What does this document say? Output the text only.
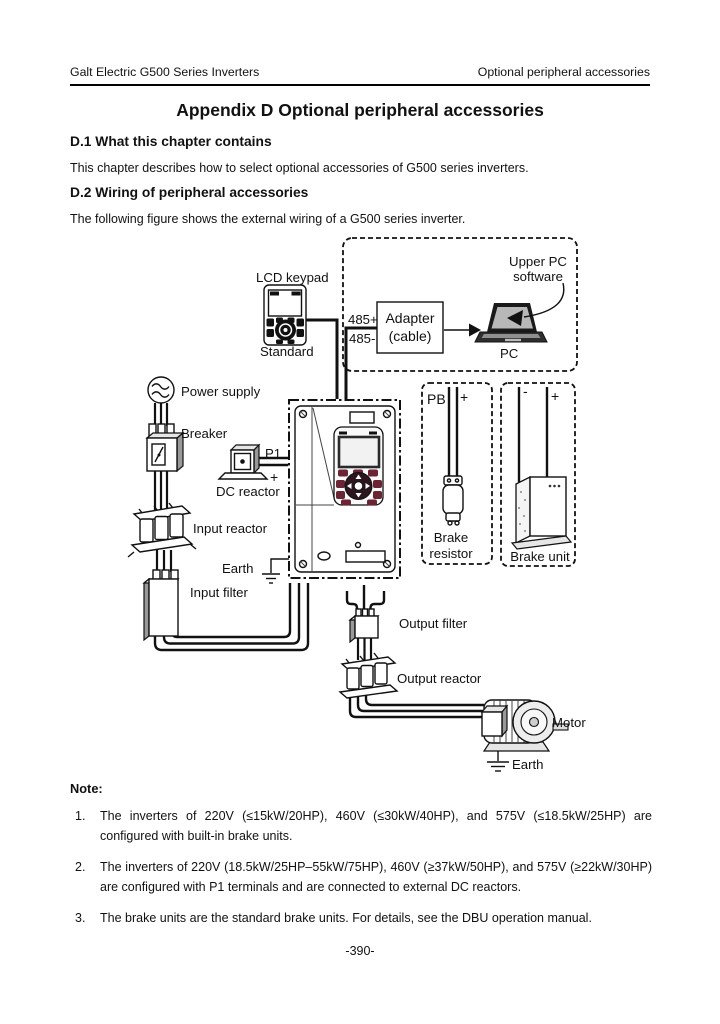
Galt Electric G500 Series Inverters	Optional peripheral accessories
Appendix D Optional peripheral accessories
D.1 What this chapter contains
This chapter describes how to select optional accessories of G500 series inverters.
D.2 Wiring of peripheral accessories
The following figure shows the external wiring of a G500 series inverter.
LCD keypad
Standard
Upper PC
software
485+
485-
Adapter
(cable)
PC
Power supply
Breaker
P1
+
DC reactor
Input reactor
Earth
Input filter
PB +	- +
Brake
resistor	Brake unit
Output filter
Output reactor
Motor
Earth
Note:
1.	The inverters of 220V (≤15kW/20HP), 460V (≤30kW/40HP), and 575V (≤18.5kW/25HP) are configured with built-in brake units.
2.	The inverters of 220V (18.5kW/25HP–55kW/75HP), 460V (≥37kW/50HP), and 575V (≥22kW/30HP) are configured with P1 terminals and are connected to external DC reactors.
3.	The brake units are the standard brake units. For details, see the DBU operation manual.
-390-
